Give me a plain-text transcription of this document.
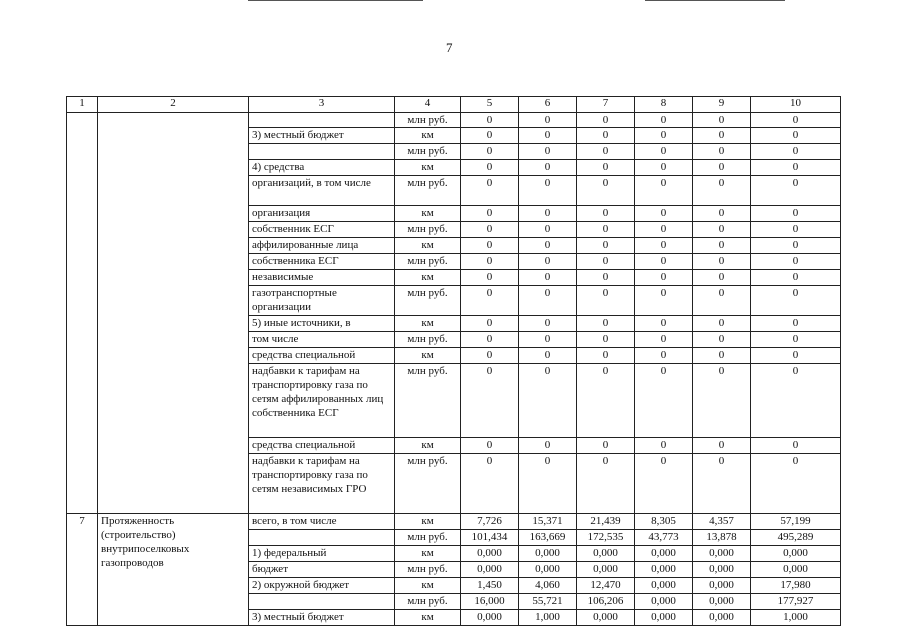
7
1	2	3	4	5	6	7	8	9	10
			млн руб.	0	0	0	0	0	0
		3) местный бюджет	км	0	0	0	0	0	0
			млн руб.	0	0	0	0	0	0
		4) средства	км	0	0	0	0	0	0
		организаций, в том числе	млн руб.	0	0	0	0	0	0
		организация	км	0	0	0	0	0	0
		собственник ЕСГ	млн руб.	0	0	0	0	0	0
		аффилированные лица	км	0	0	0	0	0	0
		собственника ЕСГ	млн руб.	0	0	0	0	0	0
		независимые	км	0	0	0	0	0	0
		газотранспортные организации	млн руб.	0	0	0	0	0	0
		5) иные источники, в	км	0	0	0	0	0	0
		том числе	млн руб.	0	0	0	0	0	0
		средства специальной	км	0	0	0	0	0	0
		надбавки к тарифам на транспортировку газа по сетям аффилированных лиц собственника ЕСГ	млн руб.	0	0	0	0	0	0
		средства специальной	км	0	0	0	0	0	0
		надбавки к тарифам на транспортировку газа по сетям независимых ГРО	млн руб.	0	0	0	0	0	0
7	Протяженность (строительство) внутрипоселковых газопроводов	всего, в том числе	км	7,726	15,371	21,439	8,305	4,357	57,199
			млн руб.	101,434	163,669	172,535	43,773	13,878	495,289
		1) федеральный	км	0,000	0,000	0,000	0,000	0,000	0,000
		бюджет	млн руб.	0,000	0,000	0,000	0,000	0,000	0,000
		2) окружной бюджет	км	1,450	4,060	12,470	0,000	0,000	17,980
			млн руб.	16,000	55,721	106,206	0,000	0,000	177,927
		3) местный бюджет	км	0,000	1,000	0,000	0,000	0,000	1,000
